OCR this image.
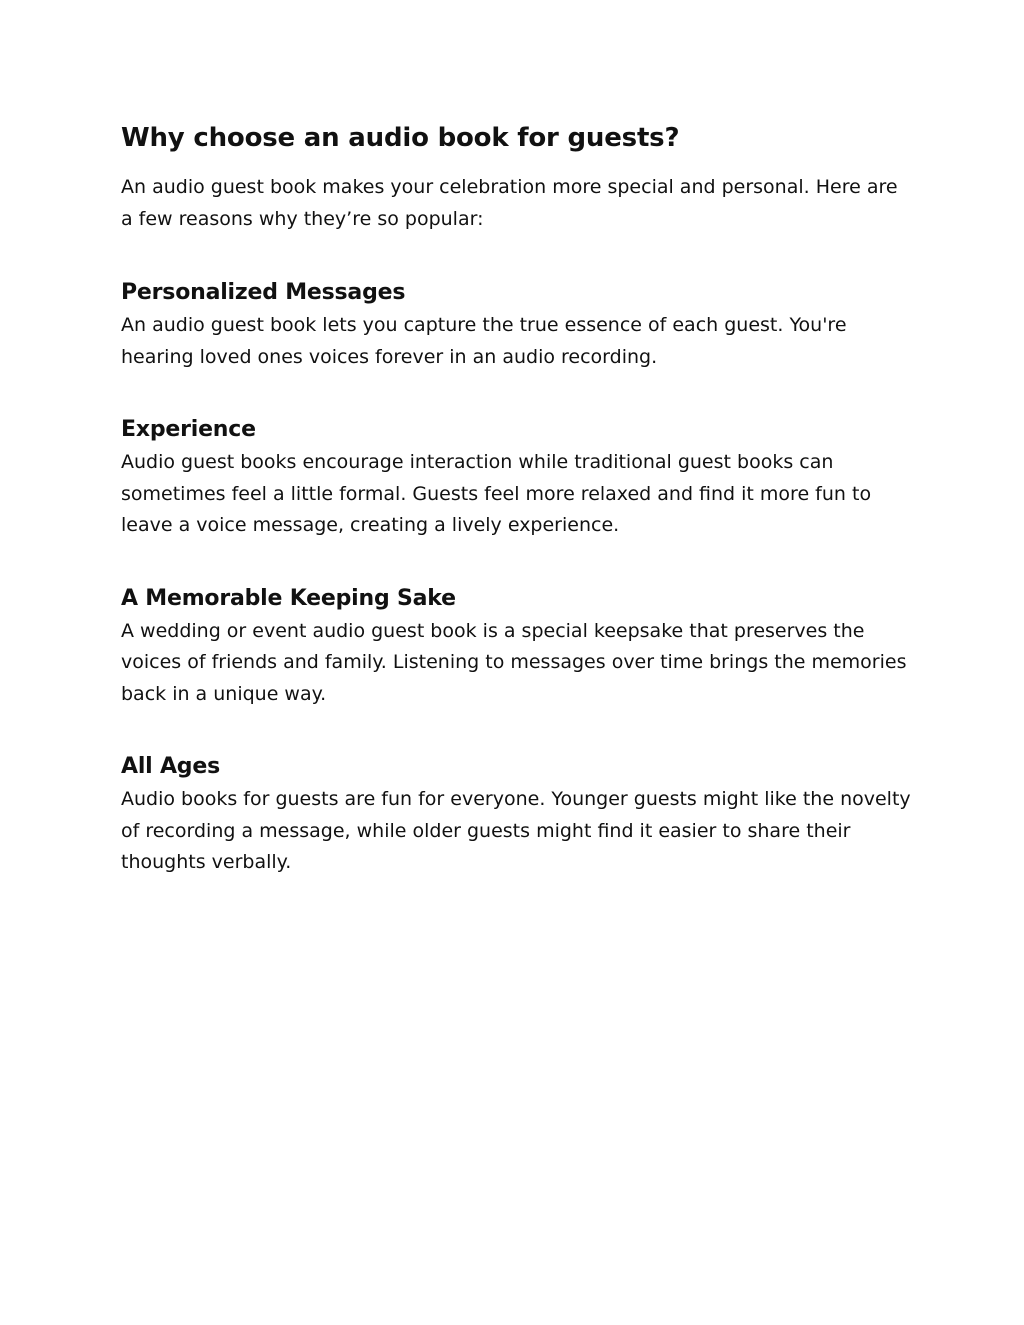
Why choose an audio book for guests?

An audio guest book makes your celebration more special and personal. Here are a few reasons why they’re so popular:

Personalized Messages

An audio guest book lets you capture the true essence of each guest. You're hearing loved ones voices forever in an audio recording.

Experience

Audio guest books encourage interaction while traditional guest books can sometimes feel a little formal. Guests feel more relaxed and find it more fun to leave a voice message, creating a lively experience.

A Memorable Keeping Sake

A wedding or event audio guest book is a special keepsake that preserves the voices of friends and family. Listening to messages over time brings the memories back in a unique way.

All Ages

Audio books for guests are fun for everyone. Younger guests might like the novelty of recording a message, while older guests might find it easier to share their thoughts verbally.
